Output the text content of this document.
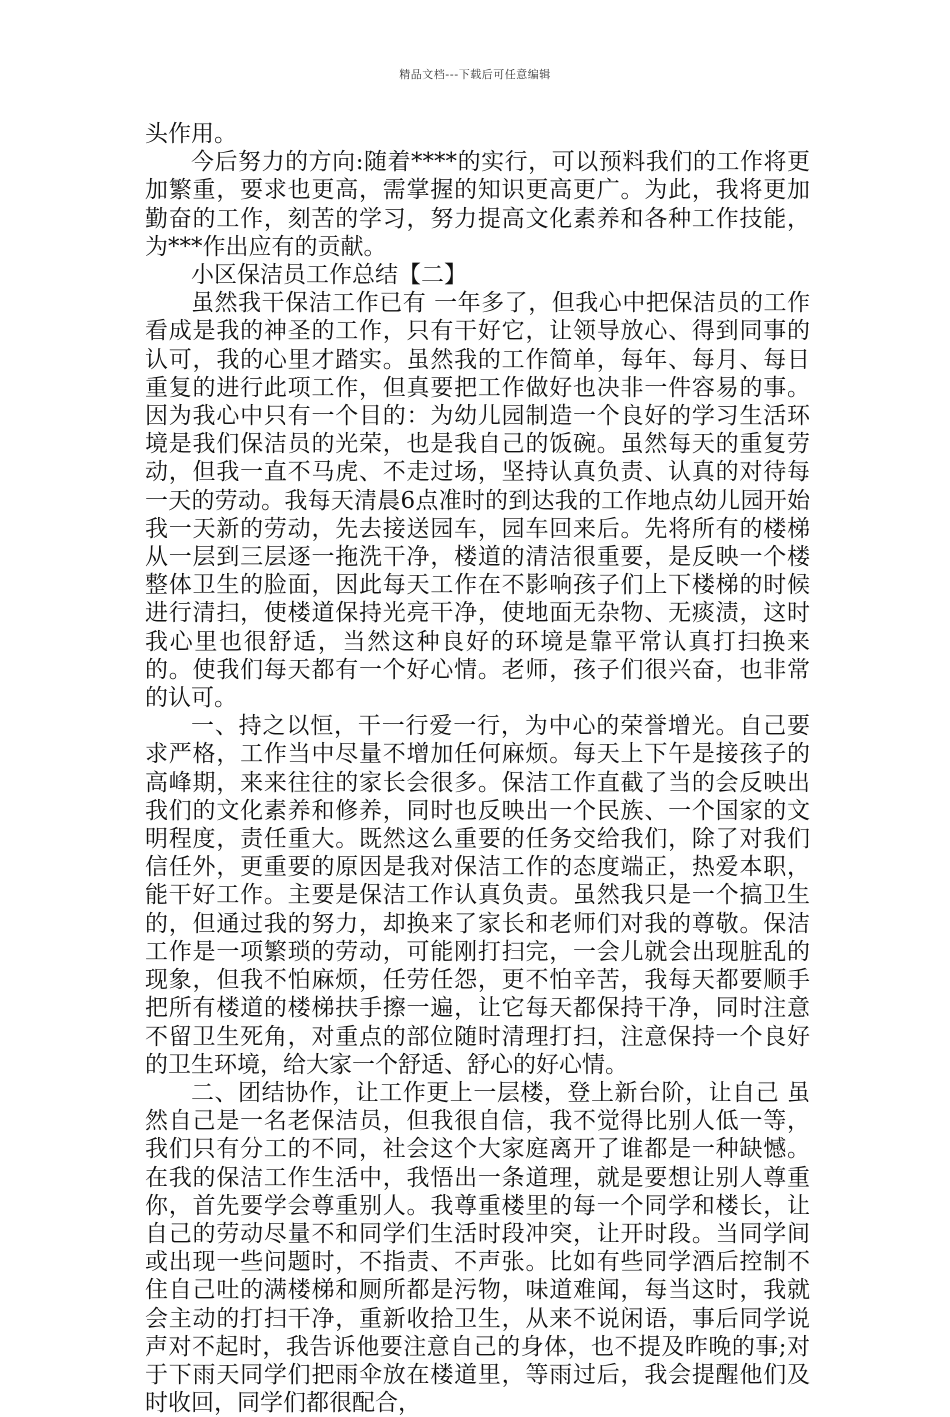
精品文档---下载后可任意编辑

头作用。

今后努力的方向:随着****的实行，可以预料我们的工作将更加繁重，要求也更高，需掌握的知识更高更广。为此，我将更加勤奋的工作，刻苦的学习，努力提高文化素养和各种工作技能，为***作出应有的贡献。

小区保洁员工作总结【二】

虽然我干保洁工作已有 一年多了，但我心中把保洁员的工作看成是我的神圣的工作，只有干好它，让领导放心、得到同事的认可，我的心里才踏实。虽然我的工作简单，每年、每月、每日重复的进行此项工作，但真要把工作做好也决非一件容易的事。因为我心中只有一个目的：为幼儿园制造一个良好的学习生活环境是我们保洁员的光荣，也是我自己的饭碗。虽然每天的重复劳动，但我一直不马虎、不走过场，坚持认真负责、认真的对待每一天的劳动。我每天清晨6点准时的到达我的工作地点幼儿园开始我一天新的劳动，先去接送园车，园车回来后。先将所有的楼梯从一层到三层逐一拖洗干净，楼道的清洁很重要，是反映一个楼整体卫生的脸面，因此每天工作在不影响孩子们上下楼梯的时候进行清扫，使楼道保持光亮干净，使地面无杂物、无痰渍，这时我心里也很舒适，当然这种良好的环境是靠平常认真打扫换来的。使我们每天都有一个好心情。老师，孩子们很兴奋，也非常的认可。

一、持之以恒，干一行爱一行，为中心的荣誉增光。自己要求严格，工作当中尽量不增加任何麻烦。每天上下午是接孩子的高峰期，来来往往的家长会很多。保洁工作直截了当的会反映出我们的文化素养和修养，同时也反映出一个民族、一个国家的文明程度，责任重大。既然这么重要的任务交给我们，除了对我们信任外，更重要的原因是我对保洁工作的态度端正，热爱本职，能干好工作。主要是保洁工作认真负责。虽然我只是一个搞卫生的，但通过我的努力，却换来了家长和老师们对我的尊敬。保洁工作是一项繁琐的劳动，可能刚打扫完，一会儿就会出现脏乱的现象，但我不怕麻烦，任劳任怨，更不怕辛苦，我每天都要顺手把所有楼道的楼梯扶手擦一遍，让它每天都保持干净，同时注意不留卫生死角，对重点的部位随时清理打扫，注意保持一个良好的卫生环境，给大家一个舒适、舒心的好心情。

二、团结协作，让工作更上一层楼，登上新台阶，让自己 虽然自己是一名老保洁员，但我很自信，我不觉得比别人低一等，我们只有分工的不同，社会这个大家庭离开了谁都是一种缺憾。在我的保洁工作生活中，我悟出一条道理，就是要想让别人尊重你，首先要学会尊重别人。我尊重楼里的每一个同学和楼长，让自己的劳动尽量不和同学们生活时段冲突，让开时段。当同学间或出现一些问题时，不指责、不声张。比如有些同学酒后控制不住自己吐的满楼梯和厕所都是污物，味道难闻，每当这时，我就会主动的打扫干净，重新收拾卫生，从来不说闲语，事后同学说声对不起时，我告诉他要注意自己的身体，也不提及昨晚的事;对于下雨天同学们把雨伞放在楼道里，等雨过后，我会提醒他们及时收回，同学们都很配合，
